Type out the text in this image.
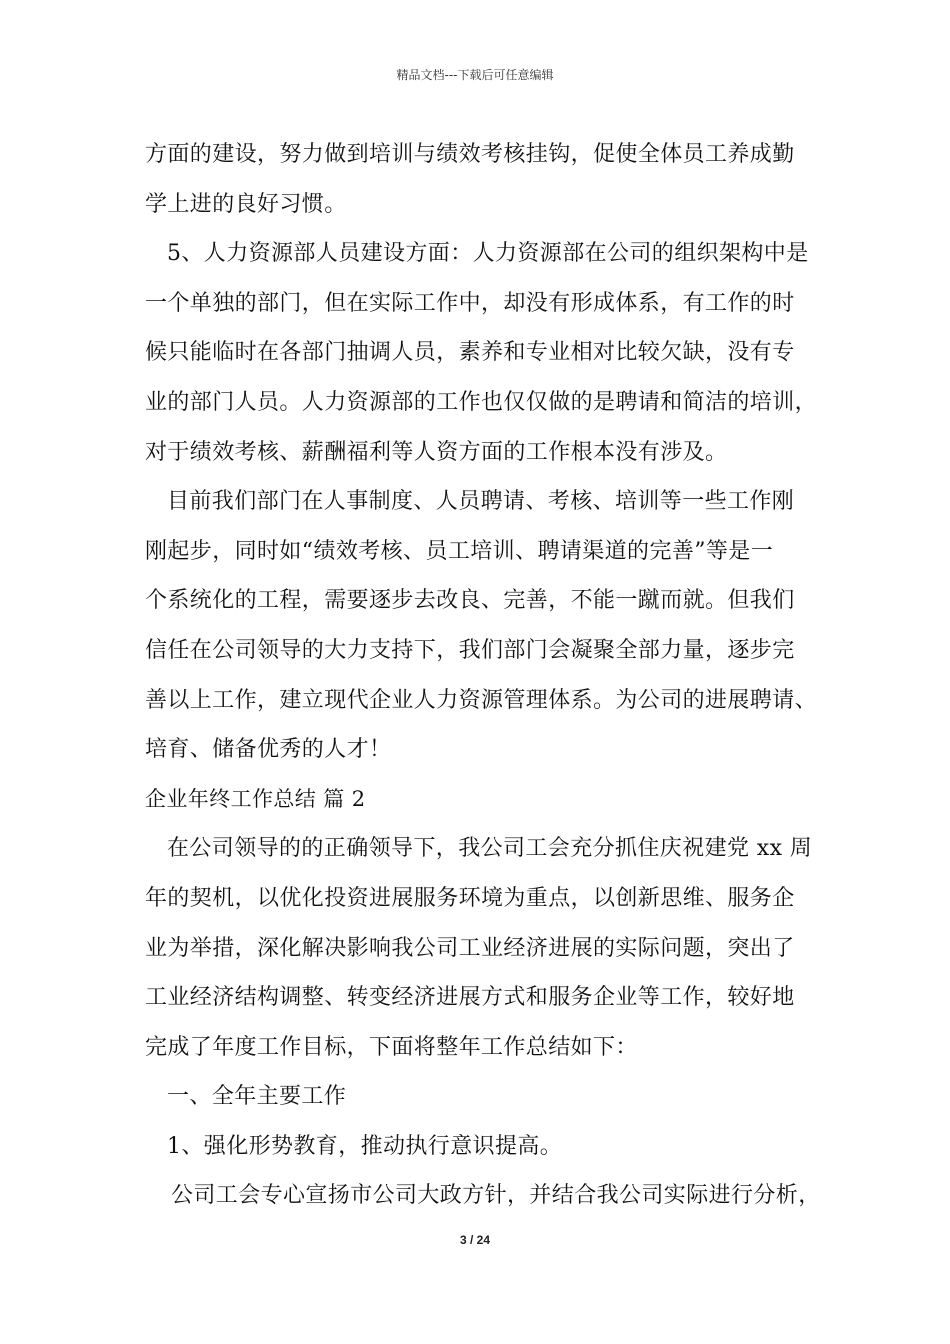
精品文档---下载后可任意编辑
方面的建设，努力做到培训与绩效考核挂钩，促使全体员工养成勤
学上进的良好习惯。
5、人力资源部人员建设方面：人力资源部在公司的组织架构中是
一个单独的部门，但在实际工作中，却没有形成体系，有工作的时
候只能临时在各部门抽调人员，素养和专业相对比较欠缺，没有专
业的部门人员。人力资源部的工作也仅仅做的是聘请和简洁的培训，
对于绩效考核、薪酬福利等人资方面的工作根本没有涉及。
目前我们部门在人事制度、人员聘请、考核、培训等一些工作刚
刚起步，同时如“绩效考核、员工培训、聘请渠道的完善”等是一
个系统化的工程，需要逐步去改良、完善，不能一蹴而就。但我们
信任在公司领导的大力支持下，我们部门会凝聚全部力量，逐步完
善以上工作，建立现代企业人力资源管理体系。为公司的进展聘请、
培育、储备优秀的人才！
企业年终工作总结 篇 2
在公司领导的的正确领导下，我公司工会充分抓住庆祝建党 xx 周
年的契机，以优化投资进展服务环境为重点，以创新思维、服务企
业为举措，深化解决影响我公司工业经济进展的实际问题，突出了
工业经济结构调整、转变经济进展方式和服务企业等工作，较好地
完成了年度工作目标，下面将整年工作总结如下：
一、全年主要工作
1、强化形势教育，推动执行意识提高。
公司工会专心宣扬市公司大政方针，并结合我公司实际进行分析，
3 / 24
